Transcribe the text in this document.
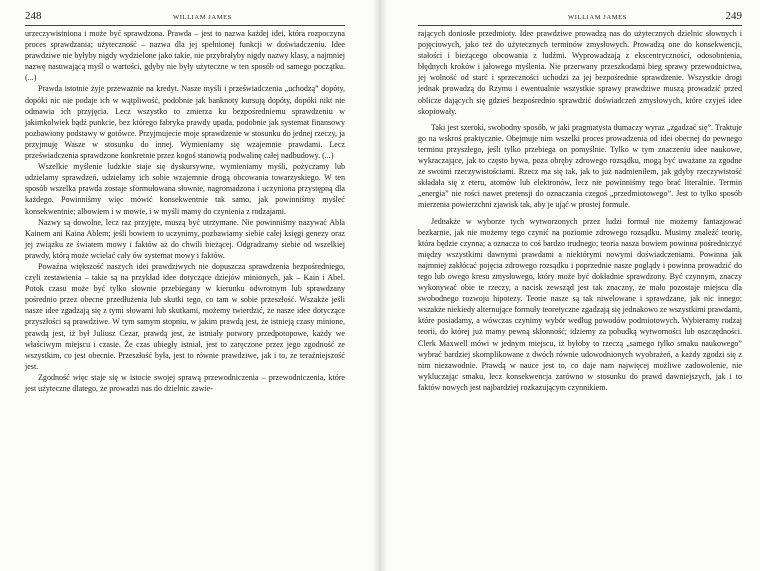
248	WILLIAM JAMES

urzeczywistniona i może być sprawdzona. Prawda – jest to nazwa każdej idei, która rozpoczyna proces sprawdzania; użyteczność – nazwa dla jej spełnionej funkcji w doświadczeniu. Idee prawdziwe nie byłyby nigdy wydzielone jako takie, nie przybrałyby nigdy nazwy klasy, a najmniej nazwę nasuwającą myśl o wartości, gdyby nie były użyteczne w ten sposób od samego początku. (...)

Prawda istotnie żyje przeważnie na kredyt. Nasze myśli i przeświadczenia „uchodzą” dopóty, dopóki nic nie podaje ich w wątpliwość, podobnie jak banknoty kursują dopóty, dopóki nikt nie odmawia ich przyjęcia. Lecz wszystko to zmierza ku bezpośredniemu sprawdzeniu w jakimkolwiek bądź punkcie, bez którego fabryka prawdy upada, podobnie jak systemat finansowy pozbawiony podstawy w gotówce. Przyjmujecie moje sprawdzenie w stosunku do jednej rzeczy, ja przyjmuję Wasze w stosunku do innej. Wymieniamy się wzajemnie prawdami. Lecz przeświadczenia sprawdzone konkretnie przez kogoś stanowią podwalinę całej nadbudowy. (...)

Wszelkie myślenie ludzkie staje się dyskursywne, wymieniamy myśli, pożyczamy lub udzielamy sprawdzeń, udzielamy ich sobie wzajemnie drogą obcowania towarzyskiego. W ten sposób wszelka prawda zostaje sformułowana słownie, nagromadzona i uczyniona przystępną dla każdego. Powinniśmy więc mówić konsekwentnie tak samo, jak powinniśmy myśleć konsekwentnie; albowiem i w mowie, i w myśli mamy do czynienia z rodzajami.

Nazwy są dowolne, lecz raz przyjęte, muszą być utrzymane. Nie powinniśmy nazywać Abla Kainem ani Kaina Ablem; jeśli bowiem to uczynimy, pozbawiamy siebie całej księgi genezy oraz jej związku ze światem mowy i faktów aż do chwili bieżącej. Odgradzamy siebie od wszelkiej prawdy, którą może wcielać cały ów systemat mowy i faktów.

Powaźna większość naszych idei prawdziwych nie dopuszcza sprawdzenia bezpośredniego, czyli zestawienia – takie są na przykład idee dotyczące dziejów minionych, jak – Kain i Abel. Potok czasu może być tylko słownie przebiegany w kierunku odwrotnym lub sprawdzany pośrednio przez obecne przedłużenia lub skutki tego, co tam w sobie przeszłość. Wszakże jeśli nasze idee zgadzają się z tymi słowami lub skutkami, możemy twierdzić, że nasze idee dotyczące przyszłości są prawdziwe. W tym samym stopniu, w jakim prawdą jest, że istnieją czasy minione, prawdą jest, iż był Juliusz Cezar, prawdą jest, że istniały potwory przedpotopowe, każdy we właściwym miejscu i czasie. Że czas ubiegły istniał, jest to zaręczone przez jego zgodność ze wszystkim, co jest obecnie. Przeszłość była, jest to równie prawdziwe, jak i to, że teraźniejszość jest.

Zgodność więc staje się w istocie swojej sprawą przewodniczenia – przewodniczenia, które jest użyteczne dlatego, że prowadzi nas do dzielnic zawie-

WILLIAM JAMES	249

rających doniosłe przedmioty. Idee prawdziwe prowadzą nas do użytecznych dzielnic słownych i pojęciowych, jako też do użytecznych terminów zmysłowych. Prowadzą one do konsekwencji, stałości i bieżącego obcowania z ludźmi. Wyprowadzają z ekscentryczności, odosobnienia, błędnych kroków i jałowego myślenia. Nie przerwany przeszkodami bieg sprawy przewodnictwa, jej wolność od starć i sprzeczności uchodzi za jej bezpośrednie sprawdzenie. Wszystkie drogi jednak prowadzą do Rzymu i ewentualnie wszystkie sprawy prawdziwe muszą prowadzić przed oblicze dających się gdzieś bezpośrednio sprawdzić doświadczeń zmysłowych, które czyjeś idee skopiowały.

Taki jest szeroki, swobodny sposób, w jaki pragmatysta tłumaczy wyraz „zgadzać się”. Traktuje go na wskroś praktycznie. Obejmuje nim wszelki proces prowadzenia od idei obecnej do pewnego terminu przyszłego, jeśli tylko przebiega on pomyślnie. Tylko w tym znaczeniu idee naukowe, wykraczające, jak to często bywa, poza obręby zdrowego rozsądku, mogą być uważane za zgodne ze swoimi rzeczywistościami. Rzecz ma się tak, jak to już nadmieniłem, jak gdyby rzeczywistość składała się z eteru, atomów lub elektronów, lecz nie powinniśmy tego brać literalnie. Termin „energia” nie rości nawet pretensji do oznaczania czegoś „przedmiotowego”. Jest to tylko sposób mierzenia powierzchni zjawisk tak, aby je ująć w prostej formule.

Jednakże w wyborze tych wytworzonych przez ludzi formuł nie możemy fantazjować bezkarnie, jak nie możemy tego czynić na poziomie zdrowego rozsądku. Musimy znaleźć teorię, która będzie czynna; a oznacza to coś bardzo trudnego; teoria nasza bowiem powinna pośredniczyć między wszystkimi dawnymi prawdami a niektórymi nowymi doświadczeniami. Powinna jak najmniej zakłócać pojęcia zdrowego rozsądku i poprzednie nasze poglądy i powinna prowadzić do tego lub owego kresu zmysłowego, który może być dokładnie sprawdzony. Być czynnym, znaczy wykonywać obie te rzeczy, a nacisk zewsząd jest tak znaczny, że mało pozostaje miejsca dla swobodnego rozwoju hipotezy. Teorie nasze są tak niwelowane i sprawdzane, jak nic innego; wszakże niekiedy alternujące formuły teoretyczne zgadzają się jednakowo ze wszystkimi prawdami, które posiadamy, a wówczas czynimy wybór według powodów podmiotowych. Wybieramy rodzaj teorii, do której już mamy pewną skłonność; idziemy za pobudką wytworności lub oszczędności. Clerk Maxwell mówi w jednym miejscu, iż byłoby to rzeczą „samego tylko smaku naukowego” wybrać bardziej skomplikowane z dwóch równie udowodnionych wyobrażeń, a każdy zgodzi się z nim niezawodnie. Prawdą w nauce jest to, co daje nam najwięcej możliwe zadowolenie, nie wykluczając smaku, lecz konsekwencja zarówno w stosunku do prawd dawniejszych, jak i to faktów nowych jest najbardziej rozkazującym czynnikiem.
